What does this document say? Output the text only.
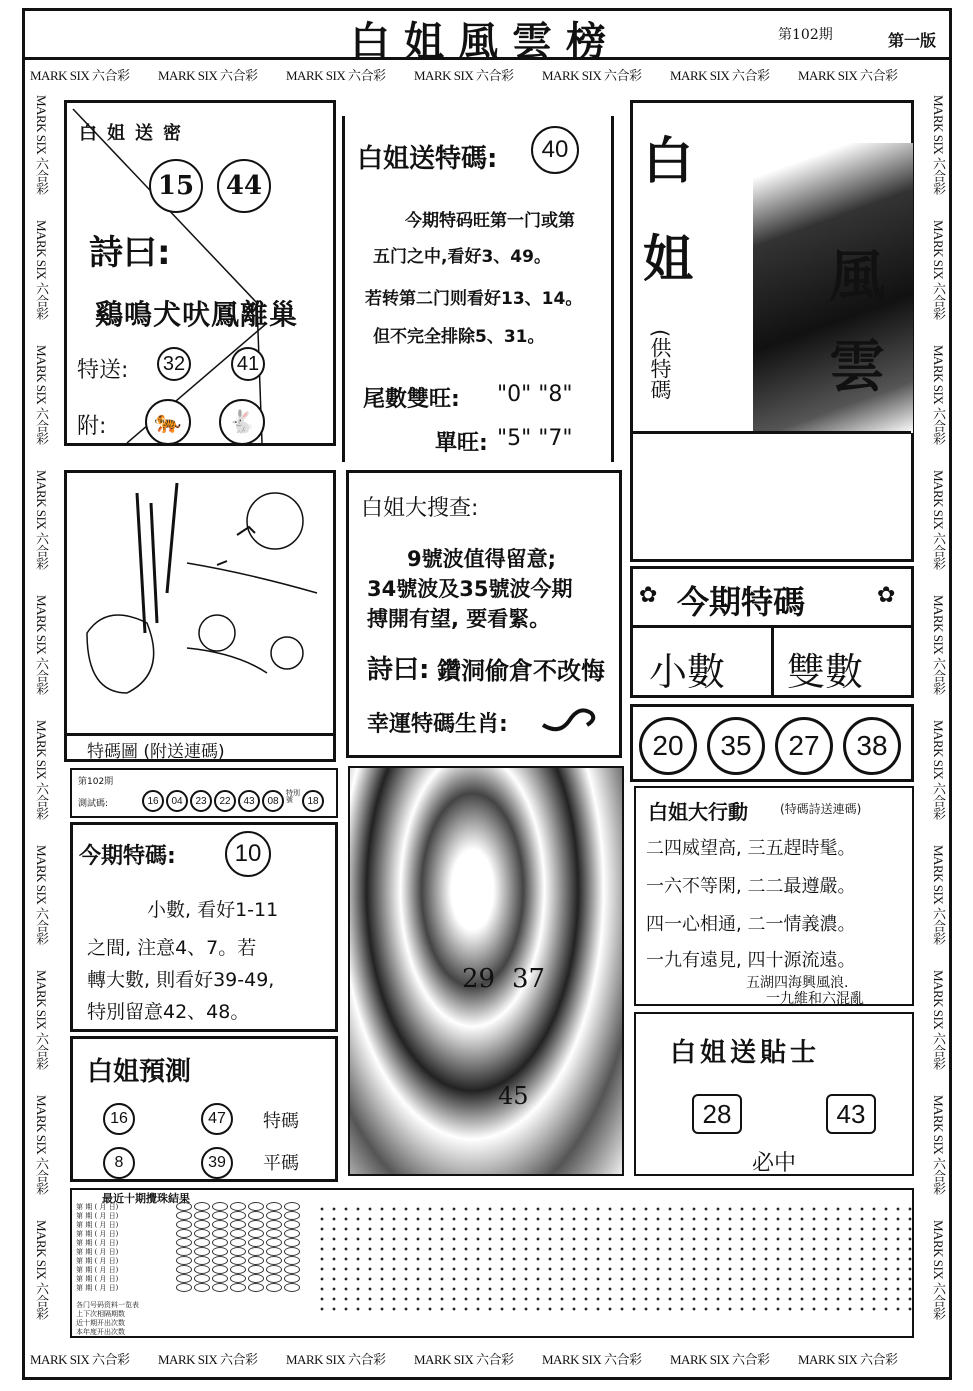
白姐風雲榜	第102期	第一版
MARK SIX 六合彩 MARK SIX 六合彩 MARK SIX 六合彩 MARK SIX 六合彩 MARK SIX 六合彩 MARK SIX 六合彩 MARK SIX 六合彩
MARK SIX 六合彩 MARK SIX 六合彩 MARK SIX 六合彩 MARK SIX 六合彩 MARK SIX 六合彩 MARK SIX 六合彩 MARK SIX 六合彩
MARK SIX 六合彩
MARK SIX 六合彩
MARK SIX 六合彩
MARK SIX 六合彩
MARK SIX 六合彩
MARK SIX 六合彩
MARK SIX 六合彩
MARK SIX 六合彩
MARK SIX 六合彩
MARK SIX 六合彩
MARK SIX 六合彩
MARK SIX 六合彩
MARK SIX 六合彩
MARK SIX 六合彩
MARK SIX 六合彩
MARK SIX 六合彩
MARK SIX 六合彩
MARK SIX 六合彩
MARK SIX 六合彩
MARK SIX 六合彩
白姐送密
15	44
詩曰:
鷄鳴犬吠鳳離巢
特送: 32	41
附:	🐅	🐇
白姐送特碼:	40
今期特码旺第一门或第
五门之中,看好3、49。
若转第二门则看好13、14。
但不完全排除5、31。
尾數雙旺: "0" "8"
單旺: "5" "7"
白
姐 風
雲
(供特碼
特碼圖 (附送連碼)
第102期
測試碼:	16	04	23	22	43	08
特別號	18
白姐大搜查:
9號波值得留意;
34號波及35號波今期
搏開有望, 要看緊。
詩曰: 鑽洞偷倉不改悔
幸運特碼生肖:
✿ 今期特碼	✿
小數 雙數
20	35	27	38
白姐大行動	(特碼詩送連碼)
二四威望高, 三五趕時髦。
一六不等閑, 二二最遵嚴。
四一心相通, 二一情義濃。
一九有遠見, 四十源流遠。
五湖四海興風浪.
一九維和六混亂
今期特碼:	10
小數, 看好1-11
之間, 注意4、7。若
轉大數, 則看好39-49,
特別留意42、48。
29 37
45
白姐預測
16	47	特碼
8	39	平碼
白姐送貼士
28	43
必中
最近十期攪珠結果
第 期 ( 月 日)
第 期 ( 月 日)
第 期 ( 月 日)
第 期 ( 月 日)
第 期 ( 月 日)
第 期 ( 月 日)
第 期 ( 月 日)
第 期 ( 月 日)
第 期 ( 月 日)
第 期 ( 月 日)
各门号码资料一览表
上下次相隔期数
近十期开出次数
本年度开出次数
